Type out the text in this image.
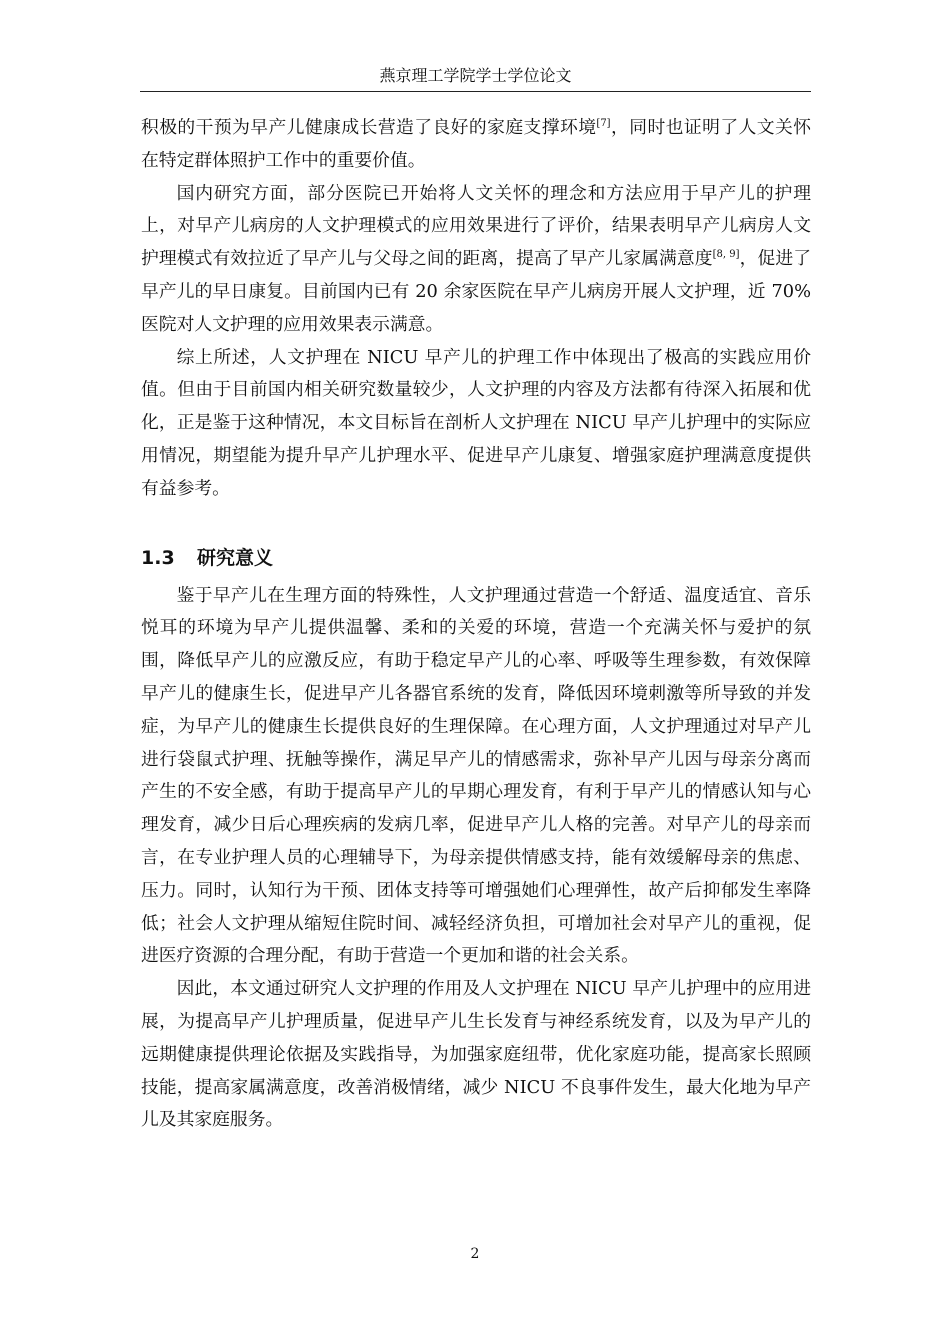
燕京理工学院学士学位论文

积极的干预为早产儿健康成长营造了良好的家庭支撑环境[7]，同时也证明了人文关怀在特定群体照护工作中的重要价值。

国内研究方面，部分医院已开始将人文关怀的理念和方法应用于早产儿的护理上，对早产儿病房的人文护理模式的应用效果进行了评价，结果表明早产儿病房人文护理模式有效拉近了早产儿与父母之间的距离，提高了早产儿家属满意度[8, 9]，促进了早产儿的早日康复。目前国内已有 20 余家医院在早产儿病房开展人文护理，近 70%医院对人文护理的应用效果表示满意。

综上所述，人文护理在 NICU 早产儿的护理工作中体现出了极高的实践应用价值。但由于目前国内相关研究数量较少，人文护理的内容及方法都有待深入拓展和优化，正是鉴于这种情况，本文目标旨在剖析人文护理在 NICU 早产儿护理中的实际应用情况，期望能为提升早产儿护理水平、促进早产儿康复、增强家庭护理满意度提供有益参考。

1.3 研究意义

鉴于早产儿在生理方面的特殊性，人文护理通过营造一个舒适、温度适宜、音乐悦耳的环境为早产儿提供温馨、柔和的关爱的环境，营造一个充满关怀与爱护的氛围，降低早产儿的应激反应，有助于稳定早产儿的心率、呼吸等生理参数，有效保障早产儿的健康生长，促进早产儿各器官系统的发育，降低因环境刺激等所导致的并发症，为早产儿的健康生长提供良好的生理保障。在心理方面，人文护理通过对早产儿进行袋鼠式护理、抚触等操作，满足早产儿的情感需求，弥补早产儿因与母亲分离而产生的不安全感，有助于提高早产儿的早期心理发育，有利于早产儿的情感认知与心理发育，减少日后心理疾病的发病几率，促进早产儿人格的完善。对早产儿的母亲而言，在专业护理人员的心理辅导下，为母亲提供情感支持，能有效缓解母亲的焦虑、压力。同时，认知行为干预、团体支持等可增强她们心理弹性，故产后抑郁发生率降低；社会人文护理从缩短住院时间、减轻经济负担，可增加社会对早产儿的重视，促进医疗资源的合理分配，有助于营造一个更加和谐的社会关系。

因此，本文通过研究人文护理的作用及人文护理在 NICU 早产儿护理中的应用进展，为提高早产儿护理质量，促进早产儿生长发育与神经系统发育，以及为早产儿的远期健康提供理论依据及实践指导，为加强家庭纽带，优化家庭功能，提高家长照顾技能，提高家属满意度，改善消极情绪，减少 NICU 不良事件发生，最大化地为早产儿及其家庭服务。

2
